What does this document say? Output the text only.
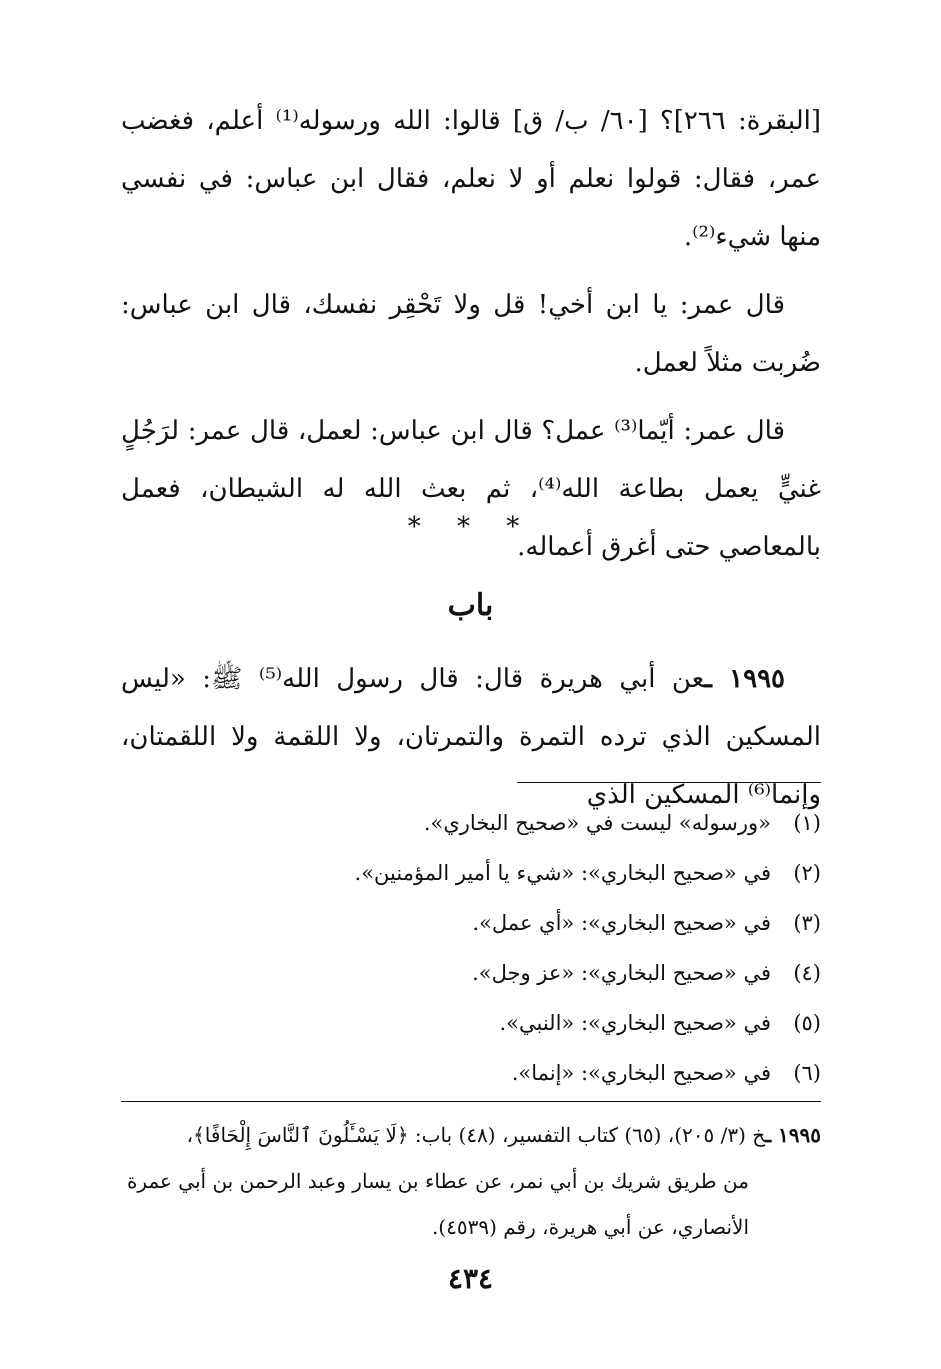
[البقرة: ٢٦٦]؟ [٦٠/ ب/ ق] قالوا: الله ورسوله⁽¹⁾ أعلم، فغضب عمر، فقال: قولوا نعلم أو لا نعلم، فقال ابن عباس: في نفسي منها شيء⁽²⁾.

قال عمر: يا ابن أخي! قل ولا تَحْقِر نفسك، قال ابن عباس: ضُربت مثلاً لعمل.

قال عمر: أيّما⁽³⁾ عمل؟ قال ابن عباس: لعمل، قال عمر: لرَجُلٍ غنيٍّ يعمل بطاعة الله⁽⁴⁾، ثم بعث الله له الشيطان، فعمل بالمعاصي حتى أغرق أعماله.

* * *
باب

١٩٩٥ ـعن أبي هريرة قال: قال رسول الله⁽⁵⁾ ﷺ: «ليس المسكين الذي ترده التمرة والتمرتان، ولا اللقمة ولا اللقمتان، وإنما⁽⁶⁾ المسكين الذي

(١)«ورسوله» ليست في «صحيح البخاري».
(٢)في «صحيح البخاري»: «شيء يا أمير المؤمنين».
(٣)في «صحيح البخاري»: «أي عمل».
(٤)في «صحيح البخاري»: «عز وجل».
(٥)في «صحيح البخاري»: «النبي».
(٦)في «صحيح البخاري»: «إنما».

١٩٩٥ ـخ (٣/ ٢٠٥)، (٦٥) كتاب التفسير، (٤٨) باب: ﴿لَا يَسْـَٔلُونَ ٱلنَّاسَ إِلْحَافًا﴾،

من طريق شريك بن أبي نمر، عن عطاء بن يسار وعبد الرحمن بن أبي عمرة الأنصاري، عن أبي هريرة، رقم (٤٥٣٩).

٤٣٤
